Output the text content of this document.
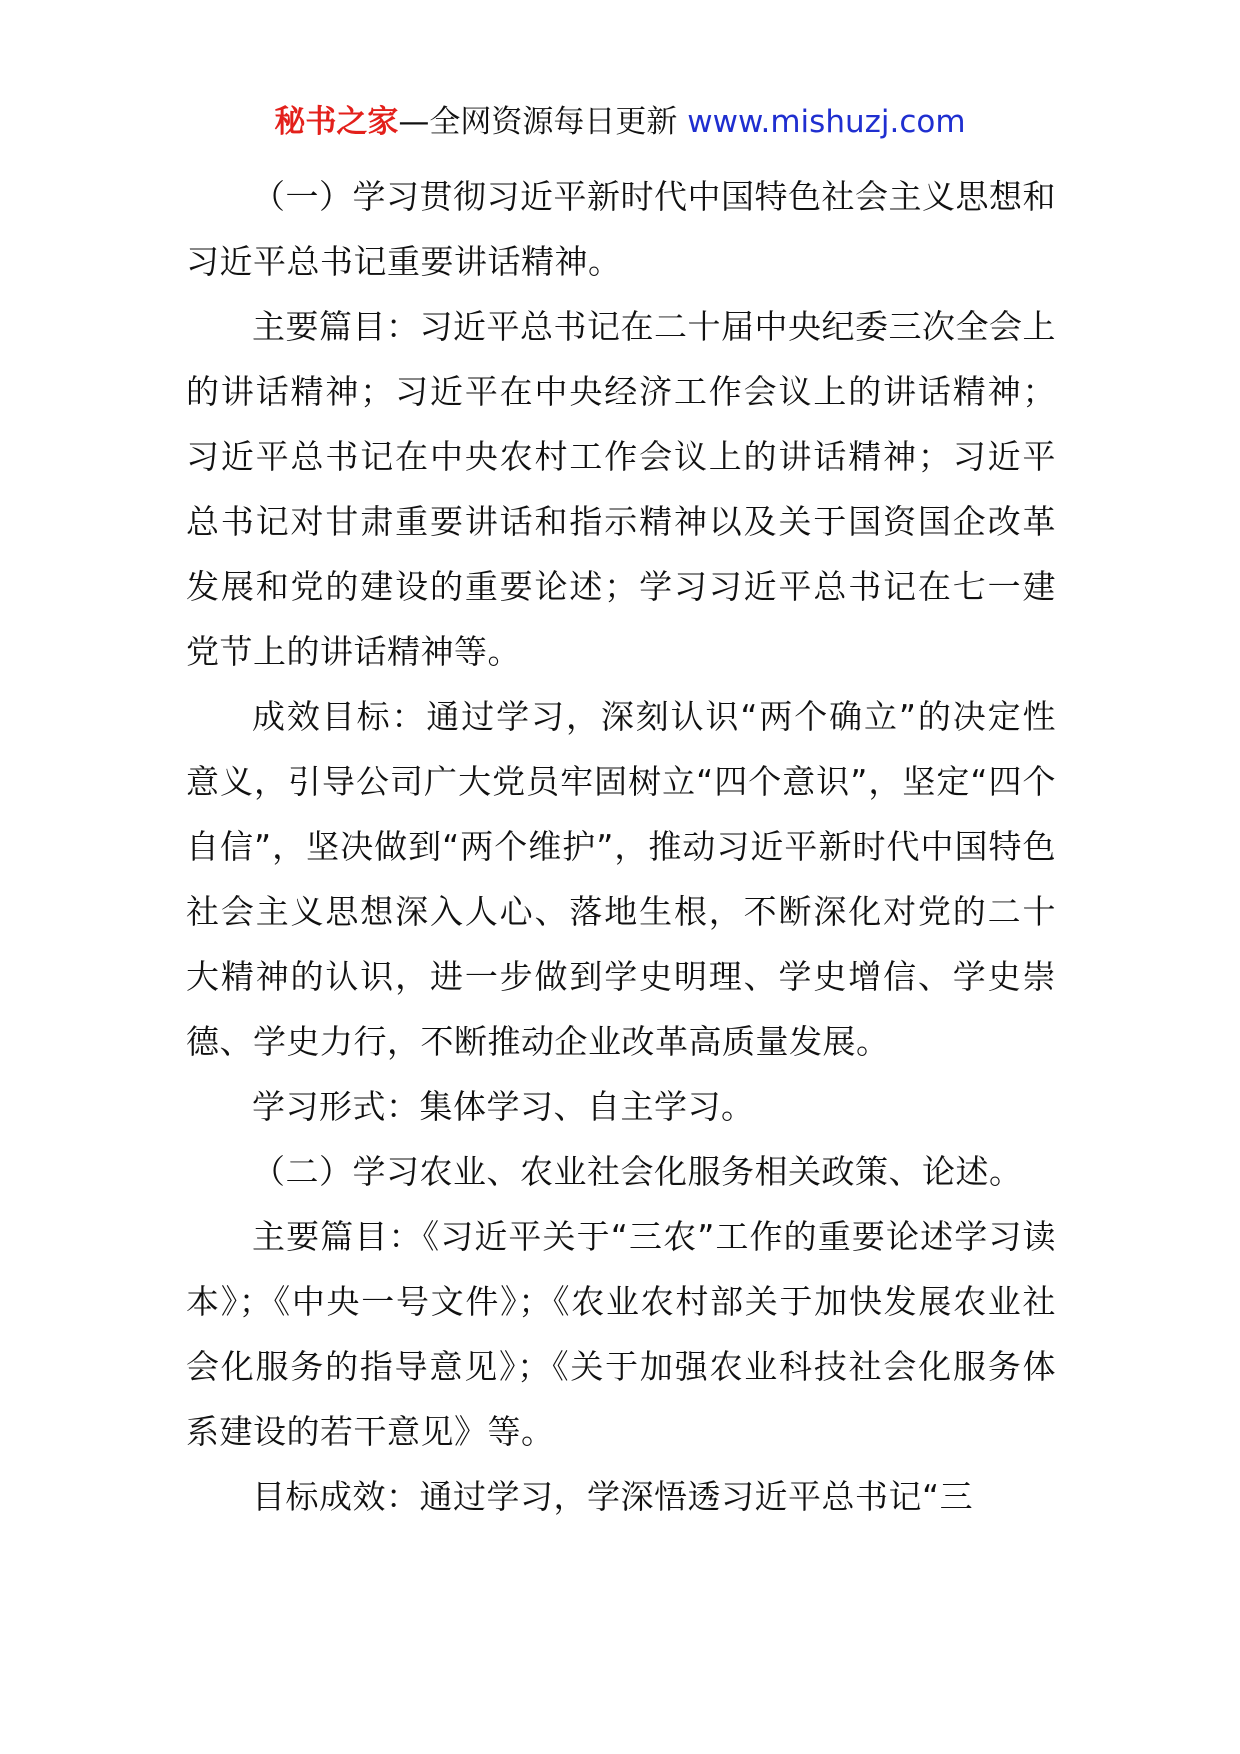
秘书之家—全网资源每日更新 www.mishuzj.com

（一）学习贯彻习近平新时代中国特色社会主义思想和习近平总书记重要讲话精神。

主要篇目：习近平总书记在二十届中央纪委三次全会上的讲话精神；习近平在中央经济工作会议上的讲话精神；习近平总书记在中央农村工作会议上的讲话精神；习近平总书记对甘肃重要讲话和指示精神以及关于国资国企改革发展和党的建设的重要论述；学习习近平总书记在七一建党节上的讲话精神等。

成效目标：通过学习，深刻认识“两个确立”的决定性意义，引导公司广大党员牢固树立“四个意识”，坚定“四个自信”，坚决做到“两个维护”，推动习近平新时代中国特色社会主义思想深入人心、落地生根，不断深化对党的二十大精神的认识，进一步做到学史明理、学史增信、学史崇德、学史力行，不断推动企业改革高质量发展。

学习形式：集体学习、自主学习。

（二）学习农业、农业社会化服务相关政策、论述。

主要篇目：《习近平关于“三农”工作的重要论述学习读本》；《中央一号文件》；《农业农村部关于加快发展农业社会化服务的指导意见》；《关于加强农业科技社会化服务体系建设的若干意见》等。

目标成效：通过学习，学深悟透习近平总书记“三
